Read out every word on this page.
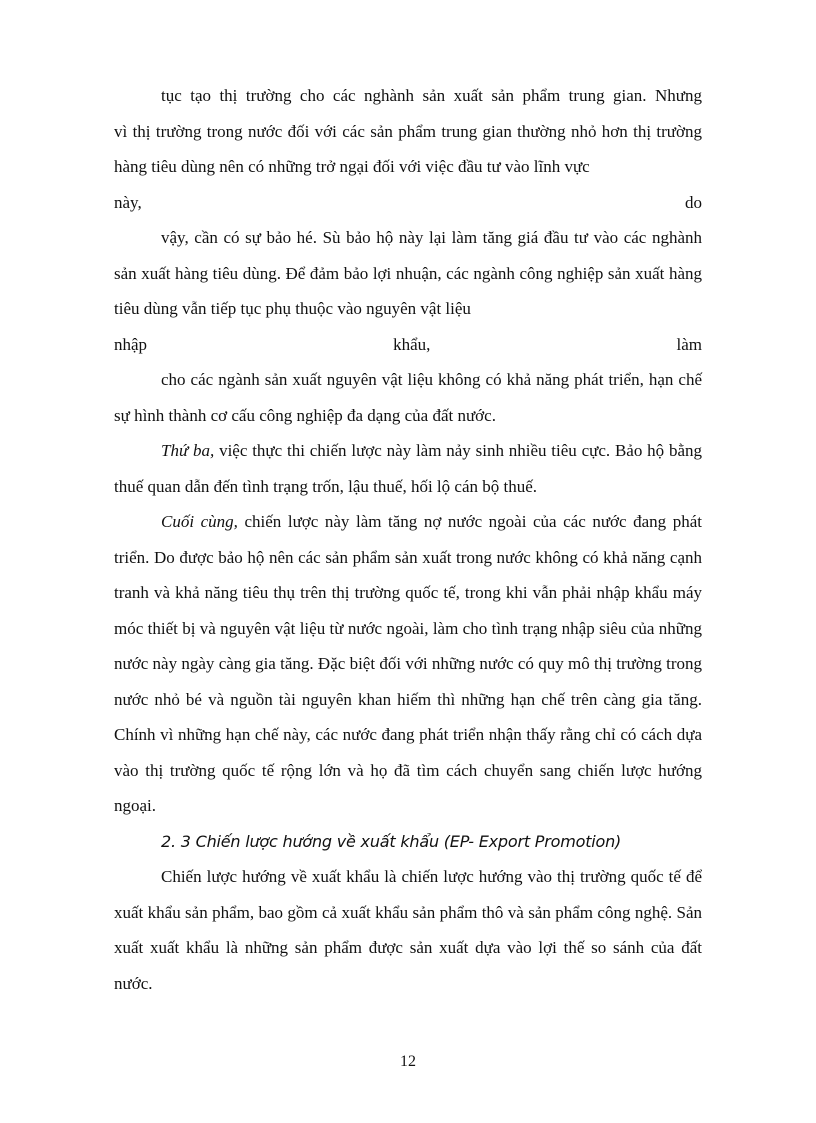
tục tạo thị trường cho các nghành sản xuất sản phẩm trung gian. Nhưng

vì thị trường trong nước đối với các sản phẩm trung gian thường nhỏ hơn thị trường hàng tiêu dùng nên có những trở ngại đối với việc đầu tư vào lĩnh vực

này, do

vậy, cần có sự bảo hé. Sù bảo hộ này lại làm tăng giá đầu tư vào các nghành sản xuất hàng tiêu dùng. Để đảm bảo lợi nhuận, các ngành công nghiệp sản xuất hàng tiêu dùng vẫn tiếp tục phụ thuộc vào nguyên vật liệu

nhập khẩu, làm

cho các ngành sản xuất nguyên vật liệu không có khả năng phát triển, hạn chế sự hình thành cơ cấu công nghiệp đa dạng của đất nước.

Thứ ba, việc thực thi chiến lược này làm nảy sinh nhiều tiêu cực. Bảo hộ bằng thuế quan dẫn đến tình trạng trốn, lậu thuế, hối lộ cán bộ thuế.

Cuối cùng, chiến lược này làm tăng nợ nước ngoài của các nước đang phát triển. Do được bảo hộ nên các sản phẩm sản xuất trong nước không có khả năng cạnh tranh và khả năng tiêu thụ trên thị trường quốc tế, trong khi vẫn phải nhập khẩu máy móc thiết bị và nguyên vật liệu từ nước ngoài, làm cho tình trạng nhập siêu của những nước này ngày càng gia tăng. Đặc biệt đối với những nước có quy mô thị trường trong nước nhỏ bé và nguồn tài nguyên khan hiếm thì những hạn chế trên càng gia tăng. Chính vì những hạn chế này, các nước đang phát triển nhận thấy rằng chỉ có cách dựa vào thị trường quốc tế rộng lớn và họ đã tìm cách chuyển sang chiến lược hướng ngoại.

2. 3 Chiến lược hướng về xuất khẩu (EP- Export Promotion)

Chiến lược hướng về xuất khẩu là chiến lược hướng vào thị trường quốc tế để xuất khẩu sản phẩm, bao gồm cả xuất khẩu sản phẩm thô và sản phẩm công nghệ. Sản xuất xuất khẩu là những sản phẩm được sản xuất dựa vào lợi thế so sánh của đất nước.

12
